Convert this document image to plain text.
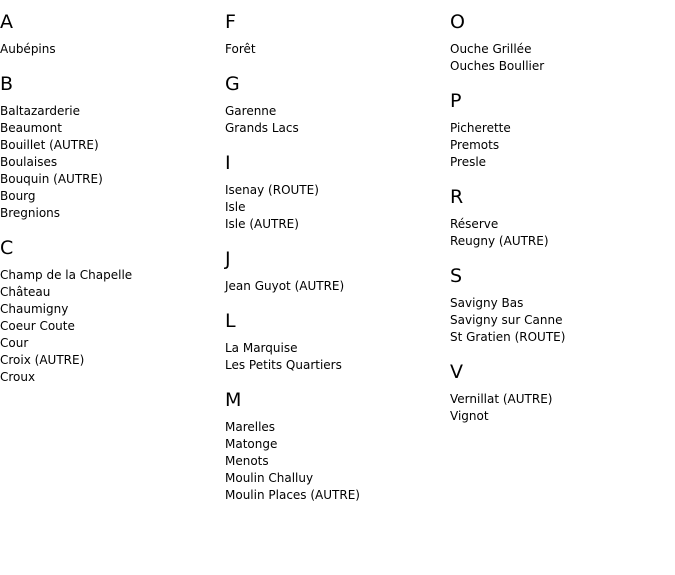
A
Aubépins
B
Baltazarderie
Beaumont
Bouillet (AUTRE)
Boulaises
Bouquin (AUTRE)
Bourg
Bregnions
C
Champ de la Chapelle
Château
Chaumigny
Coeur Coute
Cour
Croix (AUTRE)
Croux
F
Forêt
G
Garenne
Grands Lacs
I
Isenay (ROUTE)
Isle
Isle (AUTRE)
J
Jean Guyot (AUTRE)
L
La Marquise
Les Petits Quartiers
M
Marelles
Matonge
Menots
Moulin Challuy
Moulin Places (AUTRE)
O
Ouche Grillée
Ouches Boullier
P
Picherette
Premots
Presle
R
Réserve
Reugny (AUTRE)
S
Savigny Bas
Savigny sur Canne
St Gratien (ROUTE)
V
Vernillat (AUTRE)
Vignot
